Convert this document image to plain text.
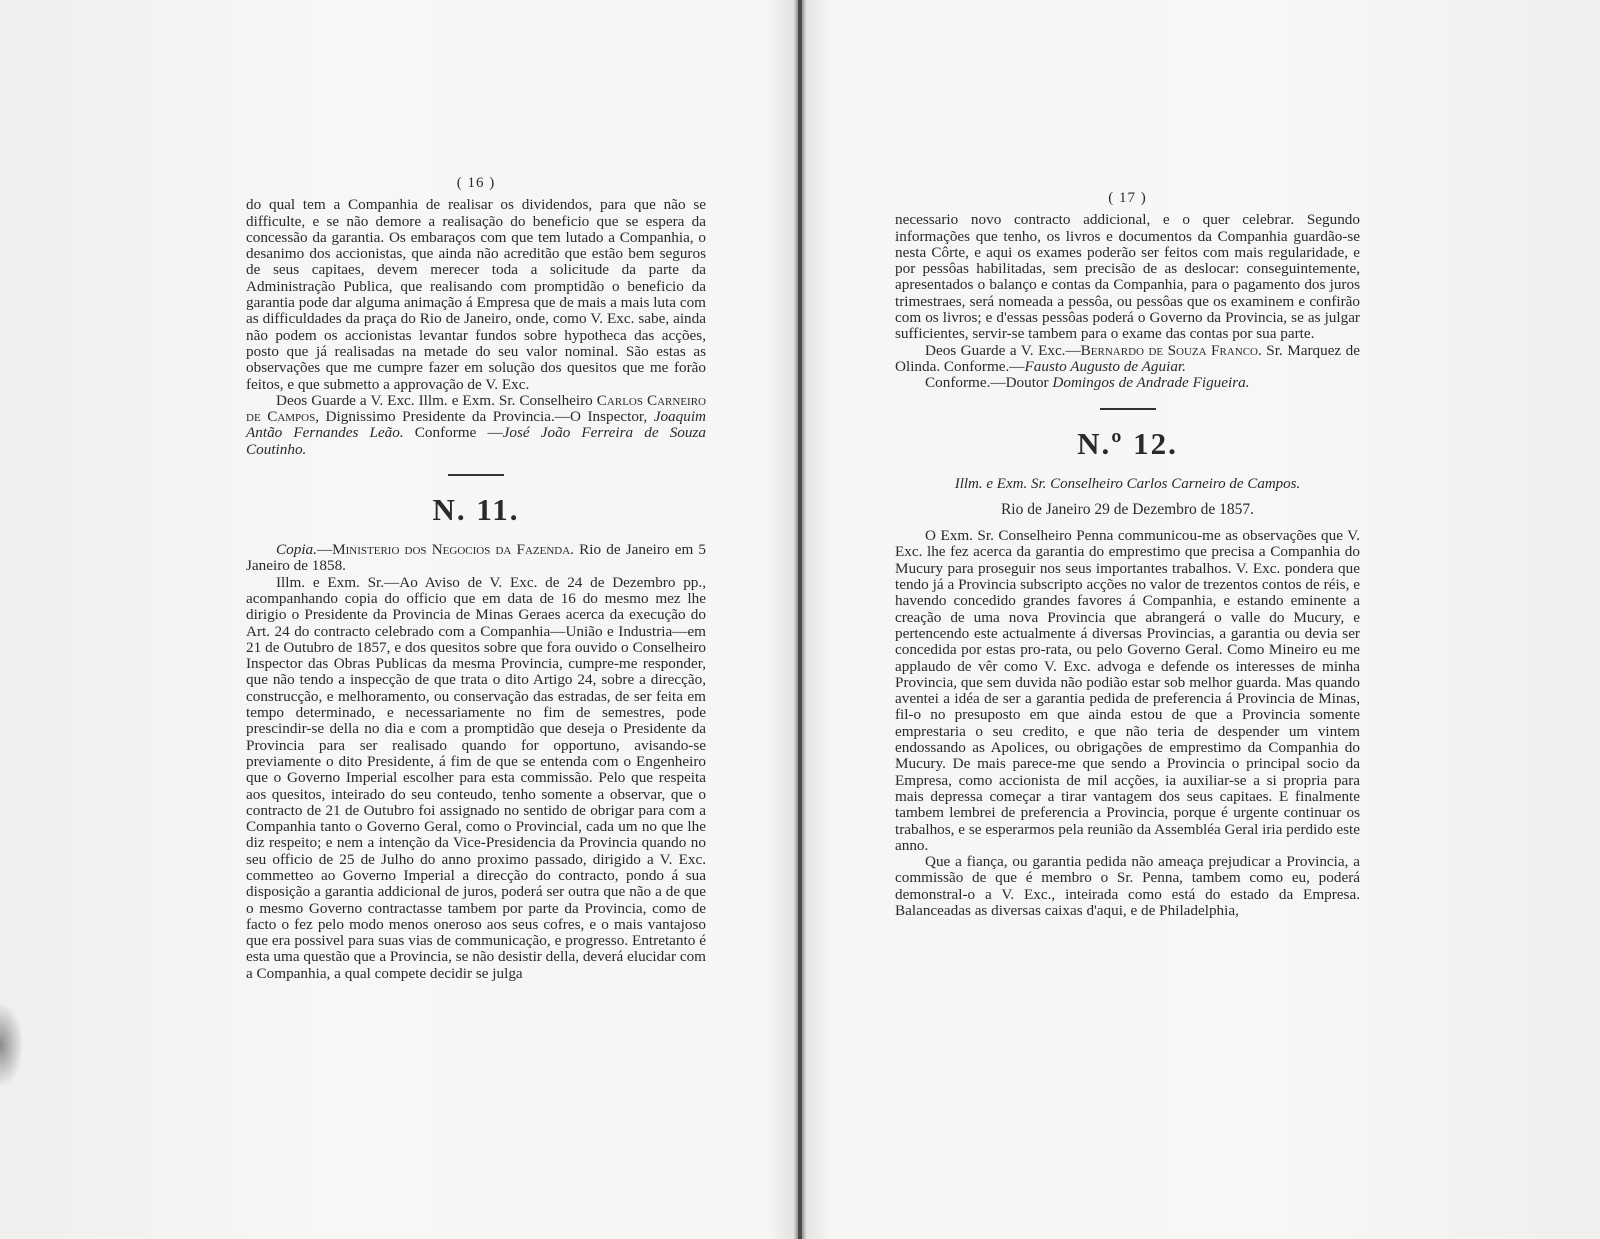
( 16 )

do qual tem a Companhia de realisar os dividendos, para que não se difficulte, e se não demore a realisação do beneficio que se espera da concessão da garantia. Os embaraços com que tem lutado a Companhia, o desanimo dos accionistas, que ainda não acreditão que estão bem seguros de seus capitaes, devem merecer toda a solicitude da parte da Administração Publica, que realisando com promptidão o beneficio da garantia pode dar alguma animação á Empresa que de mais a mais luta com as difficuldades da praça do Rio de Janeiro, onde, como V. Exc. sabe, ainda não podem os accionistas levantar fundos sobre hypotheca das acções, posto que já realisadas na metade do seu valor nominal. São estas as observações que me cumpre fazer em solução dos quesitos que me forão feitos, e que submetto a approvação de V. Exc.

Deos Guarde a V. Exc. Illm. e Exm. Sr. Conselheiro Carlos Carneiro de Campos, Dignissimo Presidente da Provincia.—O Inspector, Joaquim Antão Fernandes Leão. Conforme —José João Ferreira de Souza Coutinho.

N. 11.

Copia.—Ministerio dos Negocios da Fazenda. Rio de Janeiro em 5 Janeiro de 1858.

Illm. e Exm. Sr.—Ao Aviso de V. Exc. de 24 de Dezembro pp., acompanhando copia do officio que em data de 16 do mesmo mez lhe dirigio o Presidente da Provincia de Minas Geraes acerca da execução do Art. 24 do contracto celebrado com a Companhia—União e Industria—em 21 de Outubro de 1857, e dos quesitos sobre que fora ouvido o Conselheiro Inspector das Obras Publicas da mesma Provincia, cumpre-me responder, que não tendo a inspecção de que trata o dito Artigo 24, sobre a direcção, construcção, e melhoramento, ou conservação das estradas, de ser feita em tempo determinado, e necessariamente no fim de semestres, pode prescindir-se della no dia e com a promptidão que deseja o Presidente da Provincia para ser realisado quando for opportuno, avisando-se previamente o dito Presidente, á fim de que se entenda com o Engenheiro que o Governo Imperial escolher para esta commissão. Pelo que respeita aos quesitos, inteirado do seu conteudo, tenho somente a observar, que o contracto de 21 de Outubro foi assignado no sentido de obrigar para com a Companhia tanto o Governo Geral, como o Provincial, cada um no que lhe diz respeito; e nem a intenção da Vice-Presidencia da Provincia quando no seu officio de 25 de Julho do anno proximo passado, dirigido a V. Exc. commetteo ao Governo Imperial a direcção do contracto, pondo á sua disposição a garantia addicional de juros, poderá ser outra que não a de que o mesmo Governo contractasse tambem por parte da Provincia, como de facto o fez pelo modo menos oneroso aos seus cofres, e o mais vantajoso que era possivel para suas vias de communicação, e progresso. Entretanto é esta uma questão que a Provincia, se não desistir della, deverá elucidar com a Companhia, a qual compete decidir se julga

( 17 )

necessario novo contracto addicional, e o quer celebrar. Segundo informações que tenho, os livros e documentos da Companhia guardão-se nesta Côrte, e aqui os exames poderão ser feitos com mais regularidade, e por pessôas habilitadas, sem precisão de as deslocar: conseguintemente, apresentados o balanço e contas da Companhia, para o pagamento dos juros trimestraes, será nomeada a pessôa, ou pessôas que os examinem e confirão com os livros; e d'essas pessôas poderá o Governo da Provincia, se as julgar sufficientes, servir-se tambem para o exame das contas por sua parte.

Deos Guarde a V. Exc.—Bernardo de Souza Franco. Sr. Marquez de Olinda. Conforme.—Fausto Augusto de Aguiar.

Conforme.—Doutor Domingos de Andrade Figueira.

N.º 12.
Illm. e Exm. Sr. Conselheiro Carlos Carneiro de Campos.
Rio de Janeiro 29 de Dezembro de 1857.

O Exm. Sr. Conselheiro Penna communicou-me as observações que V. Exc. lhe fez acerca da garantia do emprestimo que precisa a Companhia do Mucury para proseguir nos seus importantes trabalhos. V. Exc. pondera que tendo já a Provincia subscripto acções no valor de trezentos contos de réis, e havendo concedido grandes favores á Companhia, e estando eminente a creação de uma nova Provincia que abrangerá o valle do Mucury, e pertencendo este actualmente á diversas Provincias, a garantia ou devia ser concedida por estas pro-rata, ou pelo Governo Geral. Como Mineiro eu me applaudo de vêr como V. Exc. advoga e defende os interesses de minha Provincia, que sem duvida não podião estar sob melhor guarda. Mas quando aventei a idéa de ser a garantia pedida de preferencia á Provincia de Minas, fil-o no presuposto em que ainda estou de que a Provincia somente emprestaria o seu credito, e que não teria de despender um vintem endossando as Apolices, ou obrigações de emprestimo da Companhia do Mucury. De mais parece-me que sendo a Provincia o principal socio da Empresa, como accionista de mil acções, ia auxiliar-se a si propria para mais depressa começar a tirar vantagem dos seus capitaes. E finalmente tambem lembrei de preferencia a Provincia, porque é urgente continuar os trabalhos, e se esperarmos pela reunião da Assembléa Geral iria perdido este anno.

Que a fiança, ou garantia pedida não ameaça prejudicar a Provincia, a commissão de que é membro o Sr. Penna, tambem como eu, poderá demonstral-o a V. Exc., inteirada como está do estado da Empresa. Balanceadas as diversas caixas d'aqui, e de Philadelphia,
